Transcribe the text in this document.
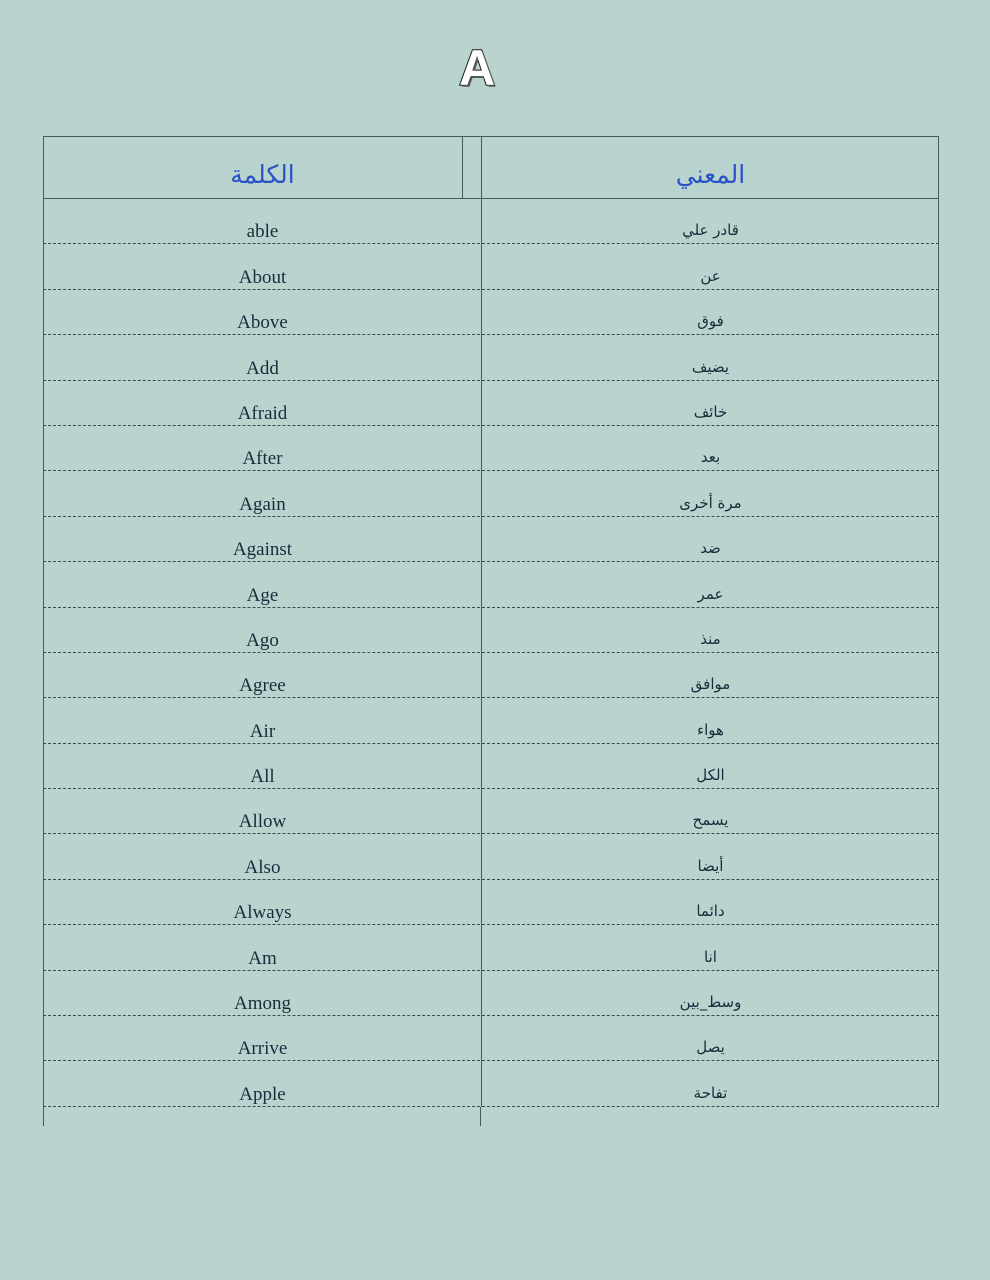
A
الكلمة	المعني
able	قادر علي
About	عن
Above	فوق
Add	يضيف
Afraid	خائف
After	بعد
Again	مرة أخرى
Against	ضد
Age	عمر
Ago	منذ
Agree	موافق
Air	هواء
All	الكل
Allow	يسمح
Also	أيضا
Always	دائما
Am	انا
Among	وسط_بين
Arrive	يصل
Apple	تفاحة
